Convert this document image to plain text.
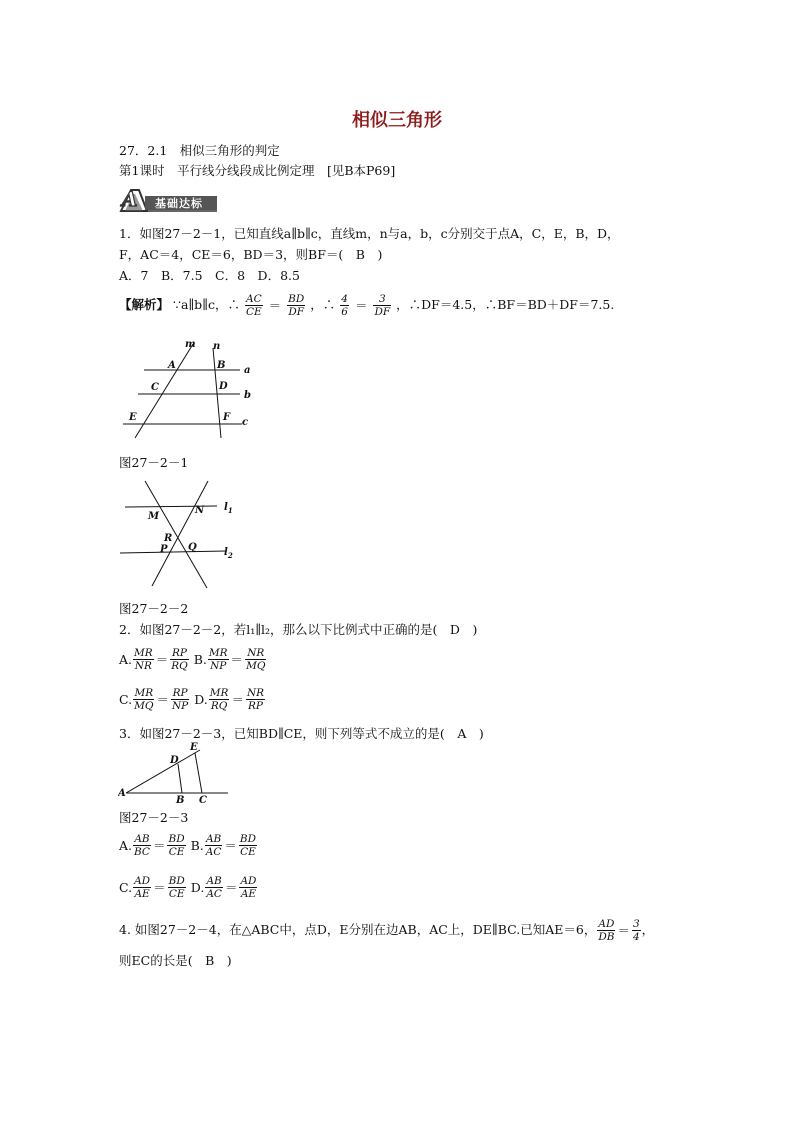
相似三角形
27．2.1　相似三角形的判定
第1课时　平行线分线段成比例定理　[见B本P69]
A 基础达标
1．如图27－2－1，已知直线a∥b∥c，直线m，n与a，b，c分别交于点A，C，E，B，D，
F，AC＝4，CE＝6，BD＝3，则BF＝(　B　)
A．7　B．7.5　C．8　D．8.5
【解析】 ∵a∥b∥c，∴ $\frac{AC}{CE} = \frac{BD}{DF}$ ，∴ $\frac{4}{6} = \frac{3}{DF}$ ，∴DF＝4.5，∴BF＝BD＋DF＝7.5.
m n
A	B a
C	D
b
E	F c
图27－2－1
M
N $l_1$
R
P Q	$l_2$
图27－2－2
2．如图27－2－2，若l₁∥l₂，那么以下比例式中正确的是(　D　)
A. $\frac{MR}{NR} = \frac{RP}{RQ} B$. $\frac{MR}{NP} = \frac{NR}{MQ}$
C. $\frac{MR}{MQ} = \frac{RP}{NP} D$. $\frac{MR}{RQ} = \frac{NR}{RP}$
3．如图27－2－3，已知BD∥CE，则下列等式不成立的是(　A　)
E
D
A
B C
图27－2－3
A. $\frac{AB}{BC} = \frac{BD}{CE} B$. $\frac{AB}{AC} = \frac{BD}{CE}$
C. $\frac{AD}{AE} = \frac{BD}{CE} D$. $\frac{AB}{AC} = \frac{AD}{AE}$
4. 如图27－2－4，在△ABC中，点D，E分别在边AB，AC上，DE∥BC.已知AE＝6， $\frac{AD}{DB} = \frac{3}{4}$ ，
则EC的长是(　B　)
